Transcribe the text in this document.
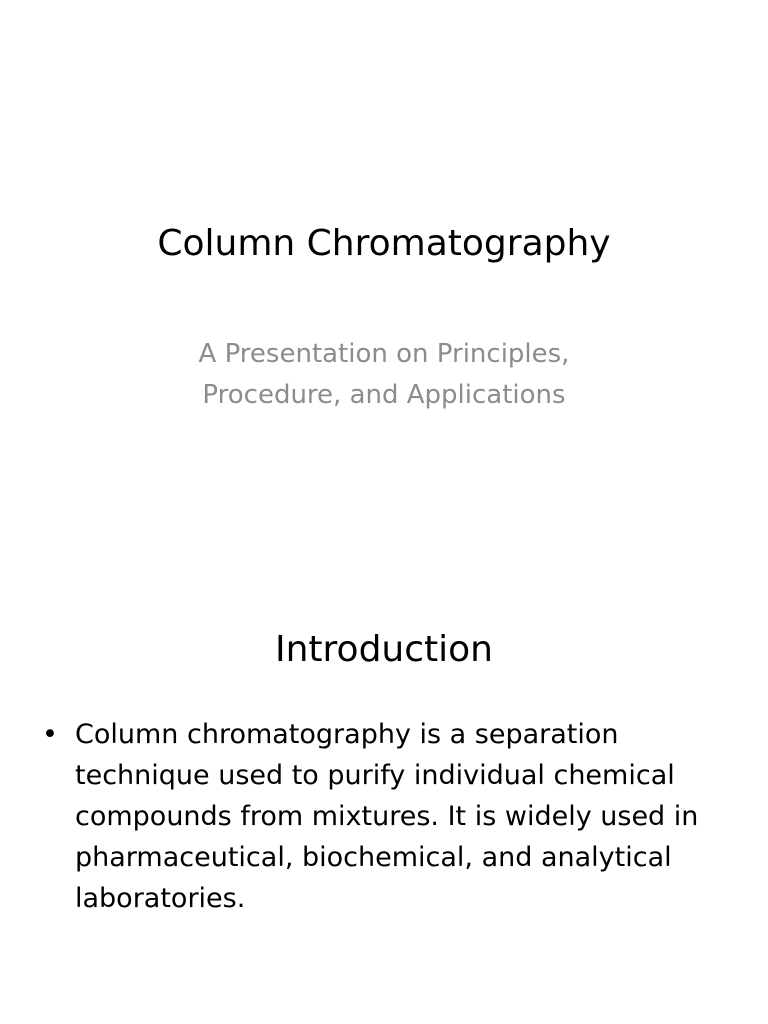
Column Chromatography

A Presentation on Principles, Procedure, and Applications

Introduction
• Column chromatography is a separation technique used to purify individual chemical compounds from mixtures. It is widely used in pharmaceutical, biochemical, and analytical laboratories.
